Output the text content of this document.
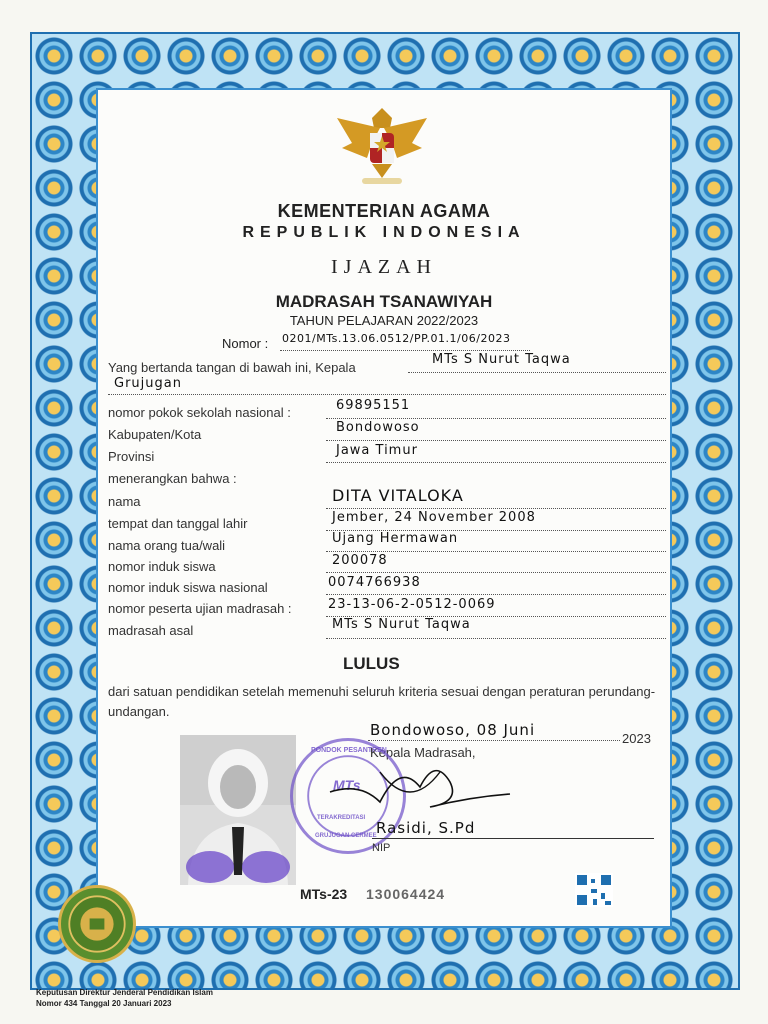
KEMENTERIAN AGAMA
REPUBLIK INDONESIA
IJAZAH
MADRASAH TSANAWIYAH
TAHUN PELAJARAN 2022/2023
Nomor : 0201/MTs.13.06.0512/PP.01.1/06/2023
Yang bertanda tangan di bawah ini, Kepala
MTs S Nurut Taqwa
Grujugan
nomor pokok sekolah nasional :	69895151
Kabupaten/Kota	Bondowoso
Provinsi	Jawa Timur
menerangkan bahwa :
nama	DITA VITALOKA
tempat dan tanggal lahir	Jember, 24 November 2008
nama orang tua/wali	Ujang Hermawan
nomor induk siswa	200078
nomor induk siswa nasional	0074766938
nomor peserta ujian madrasah :	23-13-06-2-0512-0069
madrasah asal	MTs S Nurut Taqwa
LULUS
dari satuan pendidikan setelah memenuhi seluruh kriteria sesuai dengan peraturan perundang-undangan.
Bondowoso, 08 Juni	2023
Kepala Madrasah,
PONDOK PESANTREN
MTs
TERAKREDITASI
GRUJUGAN CERMEE Rasidi, S.Pd
NIP
MTs-23 130064424
Keputusan Direktur Jenderal Pendidikan Islam
Nomor 434 Tanggal 20 Januari 2023
